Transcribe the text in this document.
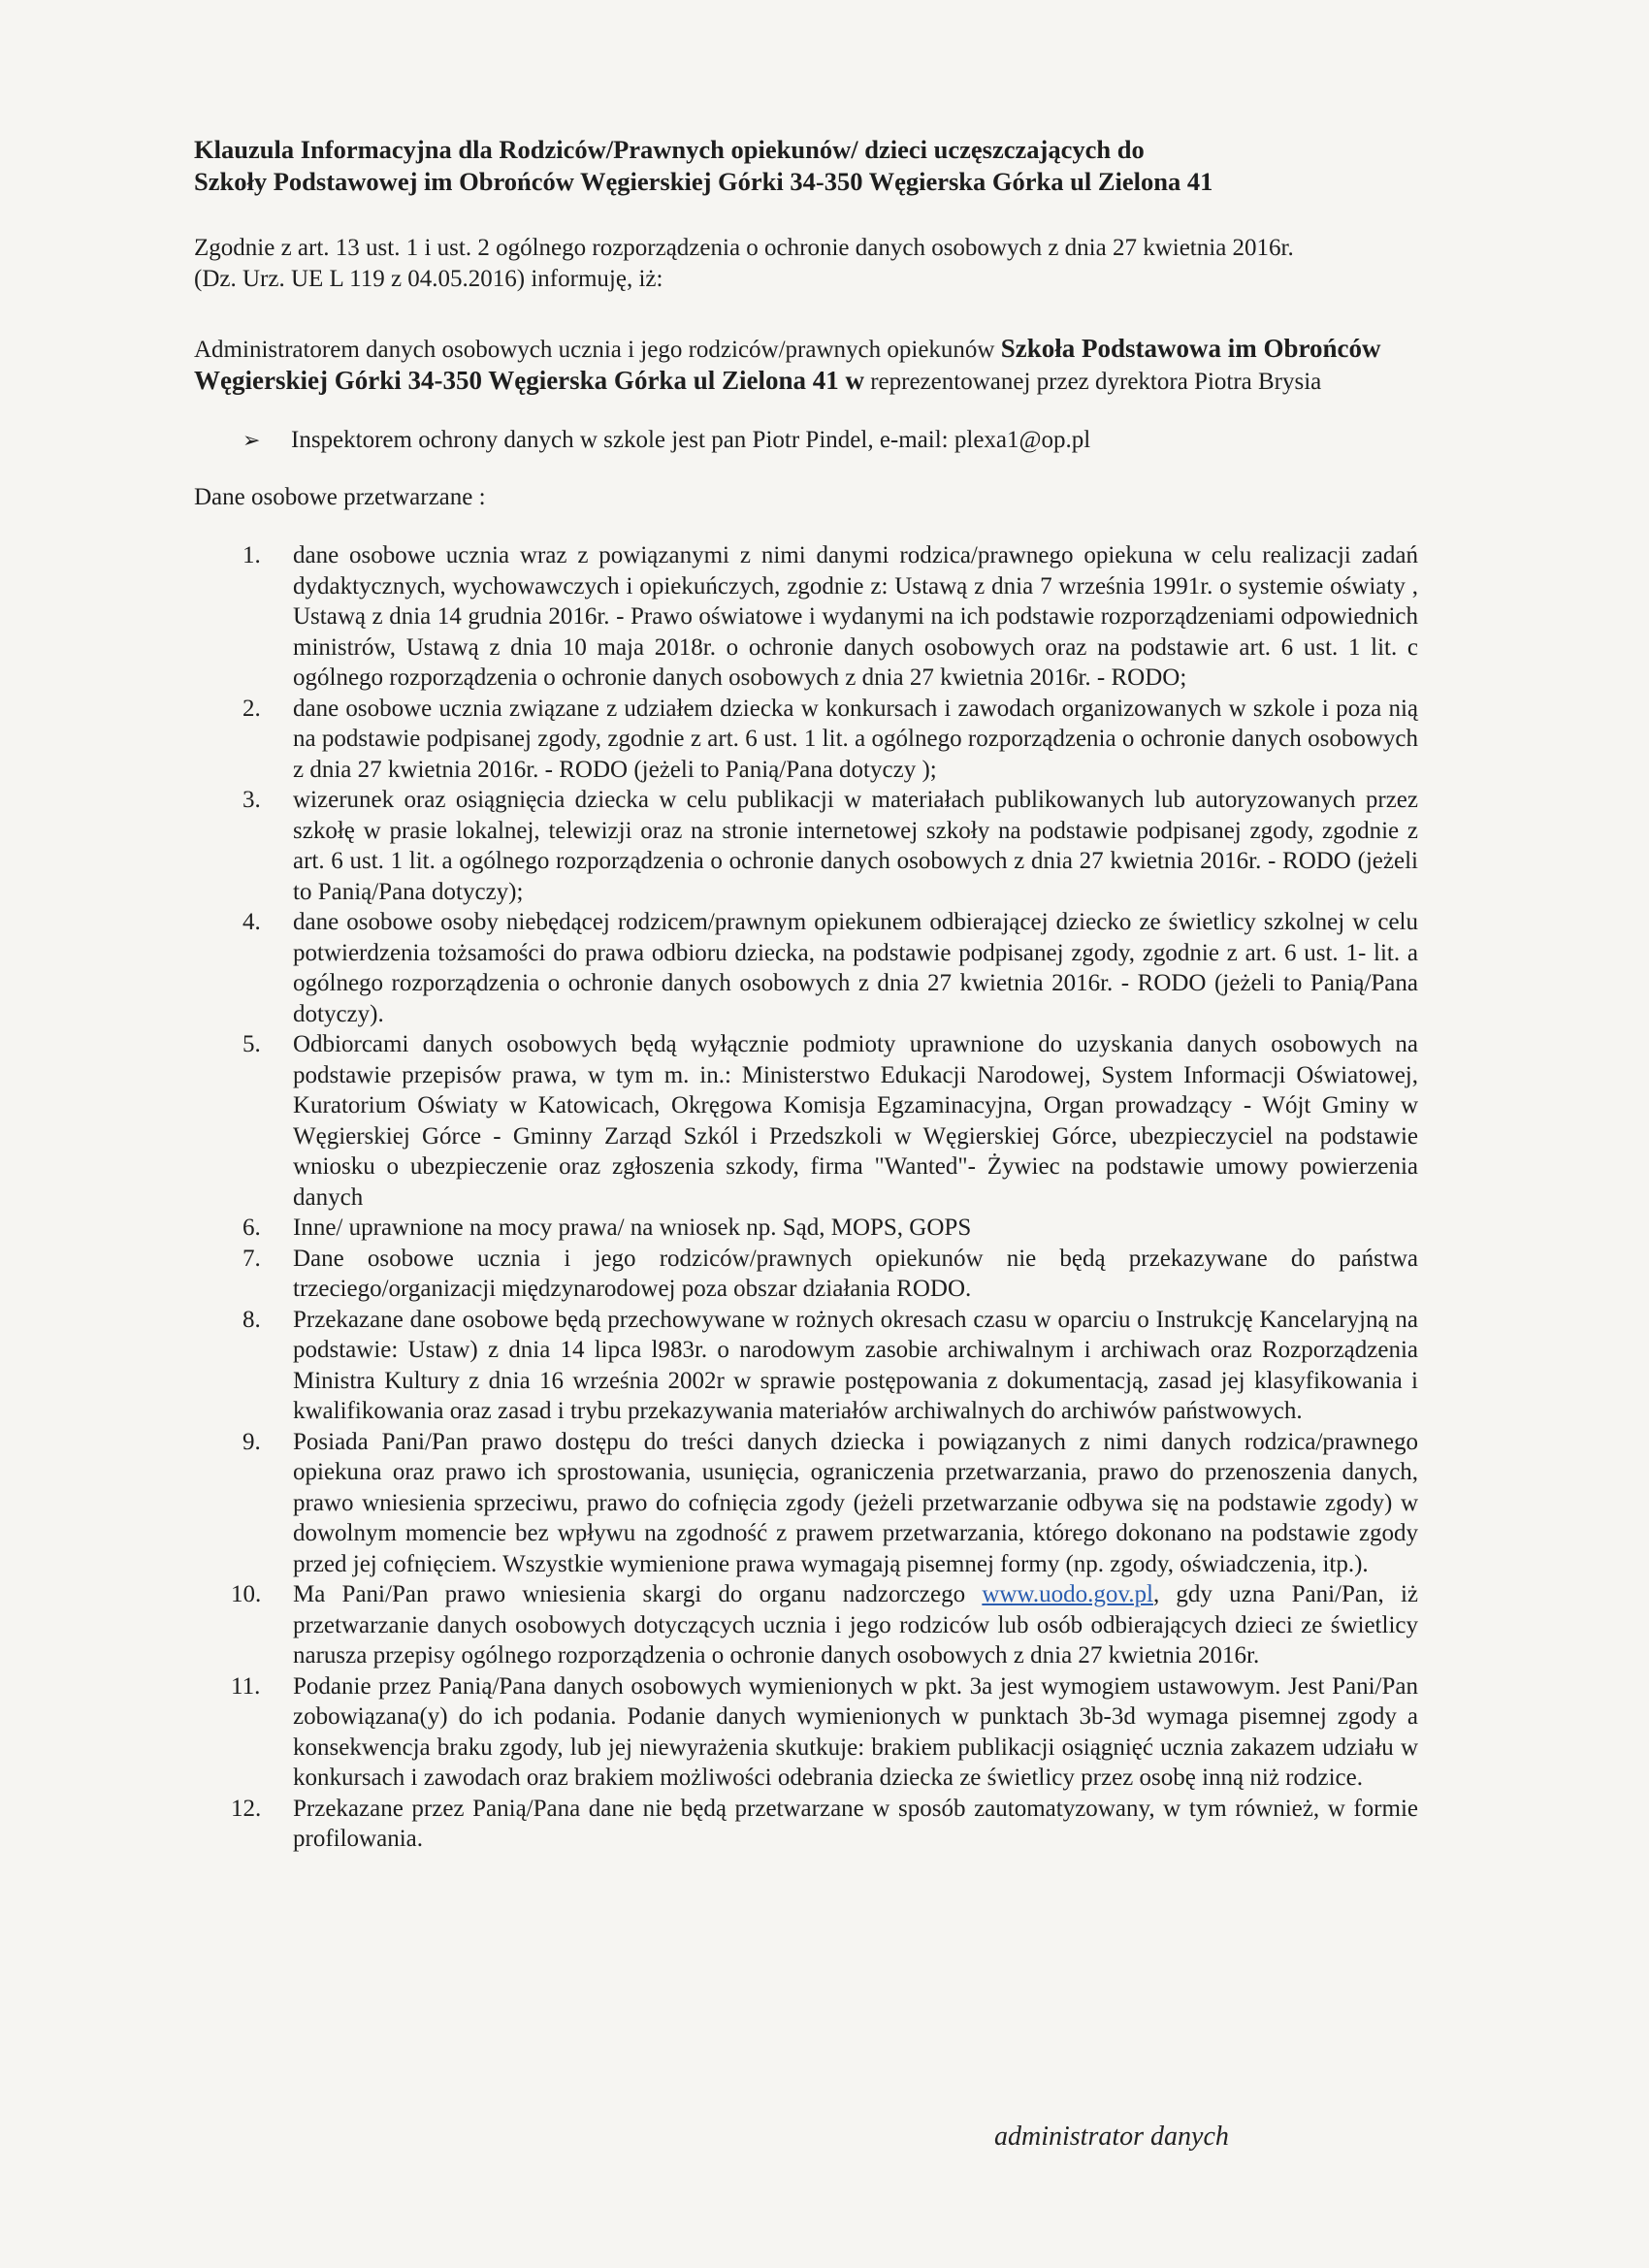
Klauzula Informacyjna dla Rodziców/Prawnych opiekunów/ dzieci uczęszczających do
Szkoły Podstawowej im Obrońców Węgierskiej Górki 34-350 Węgierska Górka ul Zielona 41

Zgodnie z art. 13 ust. 1 i ust. 2 ogólnego rozporządzenia o ochronie danych osobowych z dnia 27 kwietnia 2016r.
(Dz. Urz. UE L 119 z 04.05.2016) informuję, iż:

Administratorem danych osobowych ucznia i jego rodziców/prawnych opiekunów Szkoła Podstawowa im Obrońców Węgierskiej Górki 34-350 Węgierska Górka ul Zielona 41 w reprezentowanej przez dyrektora Piotra Brysia

➢	Inspektorem ochrony danych w szkole jest pan Piotr Pindel, e-mail: plexa1@op.pl

Dane osobowe przetwarzane :

1.	dane osobowe ucznia wraz z powiązanymi z nimi danymi rodzica/prawnego opiekuna w celu realizacji zadań dydaktycznych, wychowawczych i opiekuńczych, zgodnie z: Ustawą z dnia 7 września 1991r. o systemie oświaty , Ustawą z dnia 14 grudnia 2016r. - Prawo oświatowe i wydanymi na ich podstawie rozporządzeniami odpowiednich ministrów, Ustawą z dnia 10 maja 2018r. o ochronie danych osobowych oraz na podstawie art. 6 ust. 1 lit. c ogólnego rozporządzenia o ochronie danych osobowych z dnia 27 kwietnia 2016r. - RODO;
2.	dane osobowe ucznia związane z udziałem dziecka w konkursach i zawodach organizowanych w szkole i poza nią na podstawie podpisanej zgody, zgodnie z art. 6 ust. 1 lit. a ogólnego rozporządzenia o ochronie danych osobowych z dnia 27 kwietnia 2016r. - RODO (jeżeli to Panią/Pana dotyczy );
3.	wizerunek oraz osiągnięcia dziecka w celu publikacji w materiałach publikowanych lub autoryzowanych przez szkołę w prasie lokalnej, telewizji oraz na stronie internetowej szkoły na podstawie podpisanej zgody, zgodnie z art. 6 ust. 1 lit. a ogólnego rozporządzenia o ochronie danych osobowych z dnia 27 kwietnia 2016r. - RODO (jeżeli to Panią/Pana dotyczy);
4.	dane osobowe osoby niebędącej rodzicem/prawnym opiekunem odbierającej dziecko ze świetlicy szkolnej w celu potwierdzenia tożsamości do prawa odbioru dziecka, na podstawie podpisanej zgody, zgodnie z art. 6 ust. 1- lit. a ogólnego rozporządzenia o ochronie danych osobowych z dnia 27 kwietnia 2016r. - RODO (jeżeli to Panią/Pana dotyczy).
5.	Odbiorcami danych osobowych będą wyłącznie podmioty uprawnione do uzyskania danych osobowych na podstawie przepisów prawa, w tym m. in.: Ministerstwo Edukacji Narodowej, System Informacji Oświatowej, Kuratorium Oświaty w Katowicach, Okręgowa Komisja Egzaminacyjna, Organ prowadzący - Wójt Gminy w Węgierskiej Górce - Gminny Zarząd Szkól i Przedszkoli w Węgierskiej Górce, ubezpieczyciel na podstawie wniosku o ubezpieczenie oraz zgłoszenia szkody, firma "Wanted"- Żywiec na podstawie umowy powierzenia danych
6.	Inne/ uprawnione na mocy prawa/ na wniosek np. Sąd, MOPS, GOPS
7.	Dane osobowe ucznia i jego rodziców/prawnych opiekunów nie będą przekazywane do państwa trzeciego/organizacji międzynarodowej poza obszar działania RODO.
8.	Przekazane dane osobowe będą przechowywane w rożnych okresach czasu w oparciu o Instrukcję Kancelaryjną na podstawie: Ustaw) z dnia 14 lipca l983r. o narodowym zasobie archiwalnym i archiwach oraz Rozporządzenia Ministra Kultury z dnia 16 września 2002r w sprawie postępowania z dokumentacją, zasad jej klasyfikowania i kwalifikowania oraz zasad i trybu przekazywania materiałów archiwalnych do archiwów państwowych.
9.	Posiada Pani/Pan prawo dostępu do treści danych dziecka i powiązanych z nimi danych rodzica/prawnego opiekuna oraz prawo ich sprostowania, usunięcia, ograniczenia przetwarzania, prawo do przenoszenia danych, prawo wniesienia sprzeciwu, prawo do cofnięcia zgody (jeżeli przetwarzanie odbywa się na podstawie zgody) w dowolnym momencie bez wpływu na zgodność z prawem przetwarzania, którego dokonano na podstawie zgody przed jej cofnięciem. Wszystkie wymienione prawa wymagają pisemnej formy (np. zgody, oświadczenia, itp.).
10.	Ma Pani/Pan prawo wniesienia skargi do organu nadzorczego www.uodo.gov.pl, gdy uzna Pani/Pan, iż przetwarzanie danych osobowych dotyczących ucznia i jego rodziców lub osób odbierających dzieci ze świetlicy narusza przepisy ogólnego rozporządzenia o ochronie danych osobowych z dnia 27 kwietnia 2016r.
11.	Podanie przez Panią/Pana danych osobowych wymienionych w pkt. 3a jest wymogiem ustawowym. Jest Pani/Pan zobowiązana(y) do ich podania. Podanie danych wymienionych w punktach 3b-3d wymaga pisemnej zgody a konsekwencja braku zgody, lub jej niewyrażenia skutkuje: brakiem publikacji osiągnięć ucznia zakazem udziału w konkursach i zawodach oraz brakiem możliwości odebrania dziecka ze świetlicy przez osobę inną niż rodzice.
12.	Przekazane przez Panią/Pana dane nie będą przetwarzane w sposób zautomatyzowany, w tym również, w formie profilowania.
administrator danych
